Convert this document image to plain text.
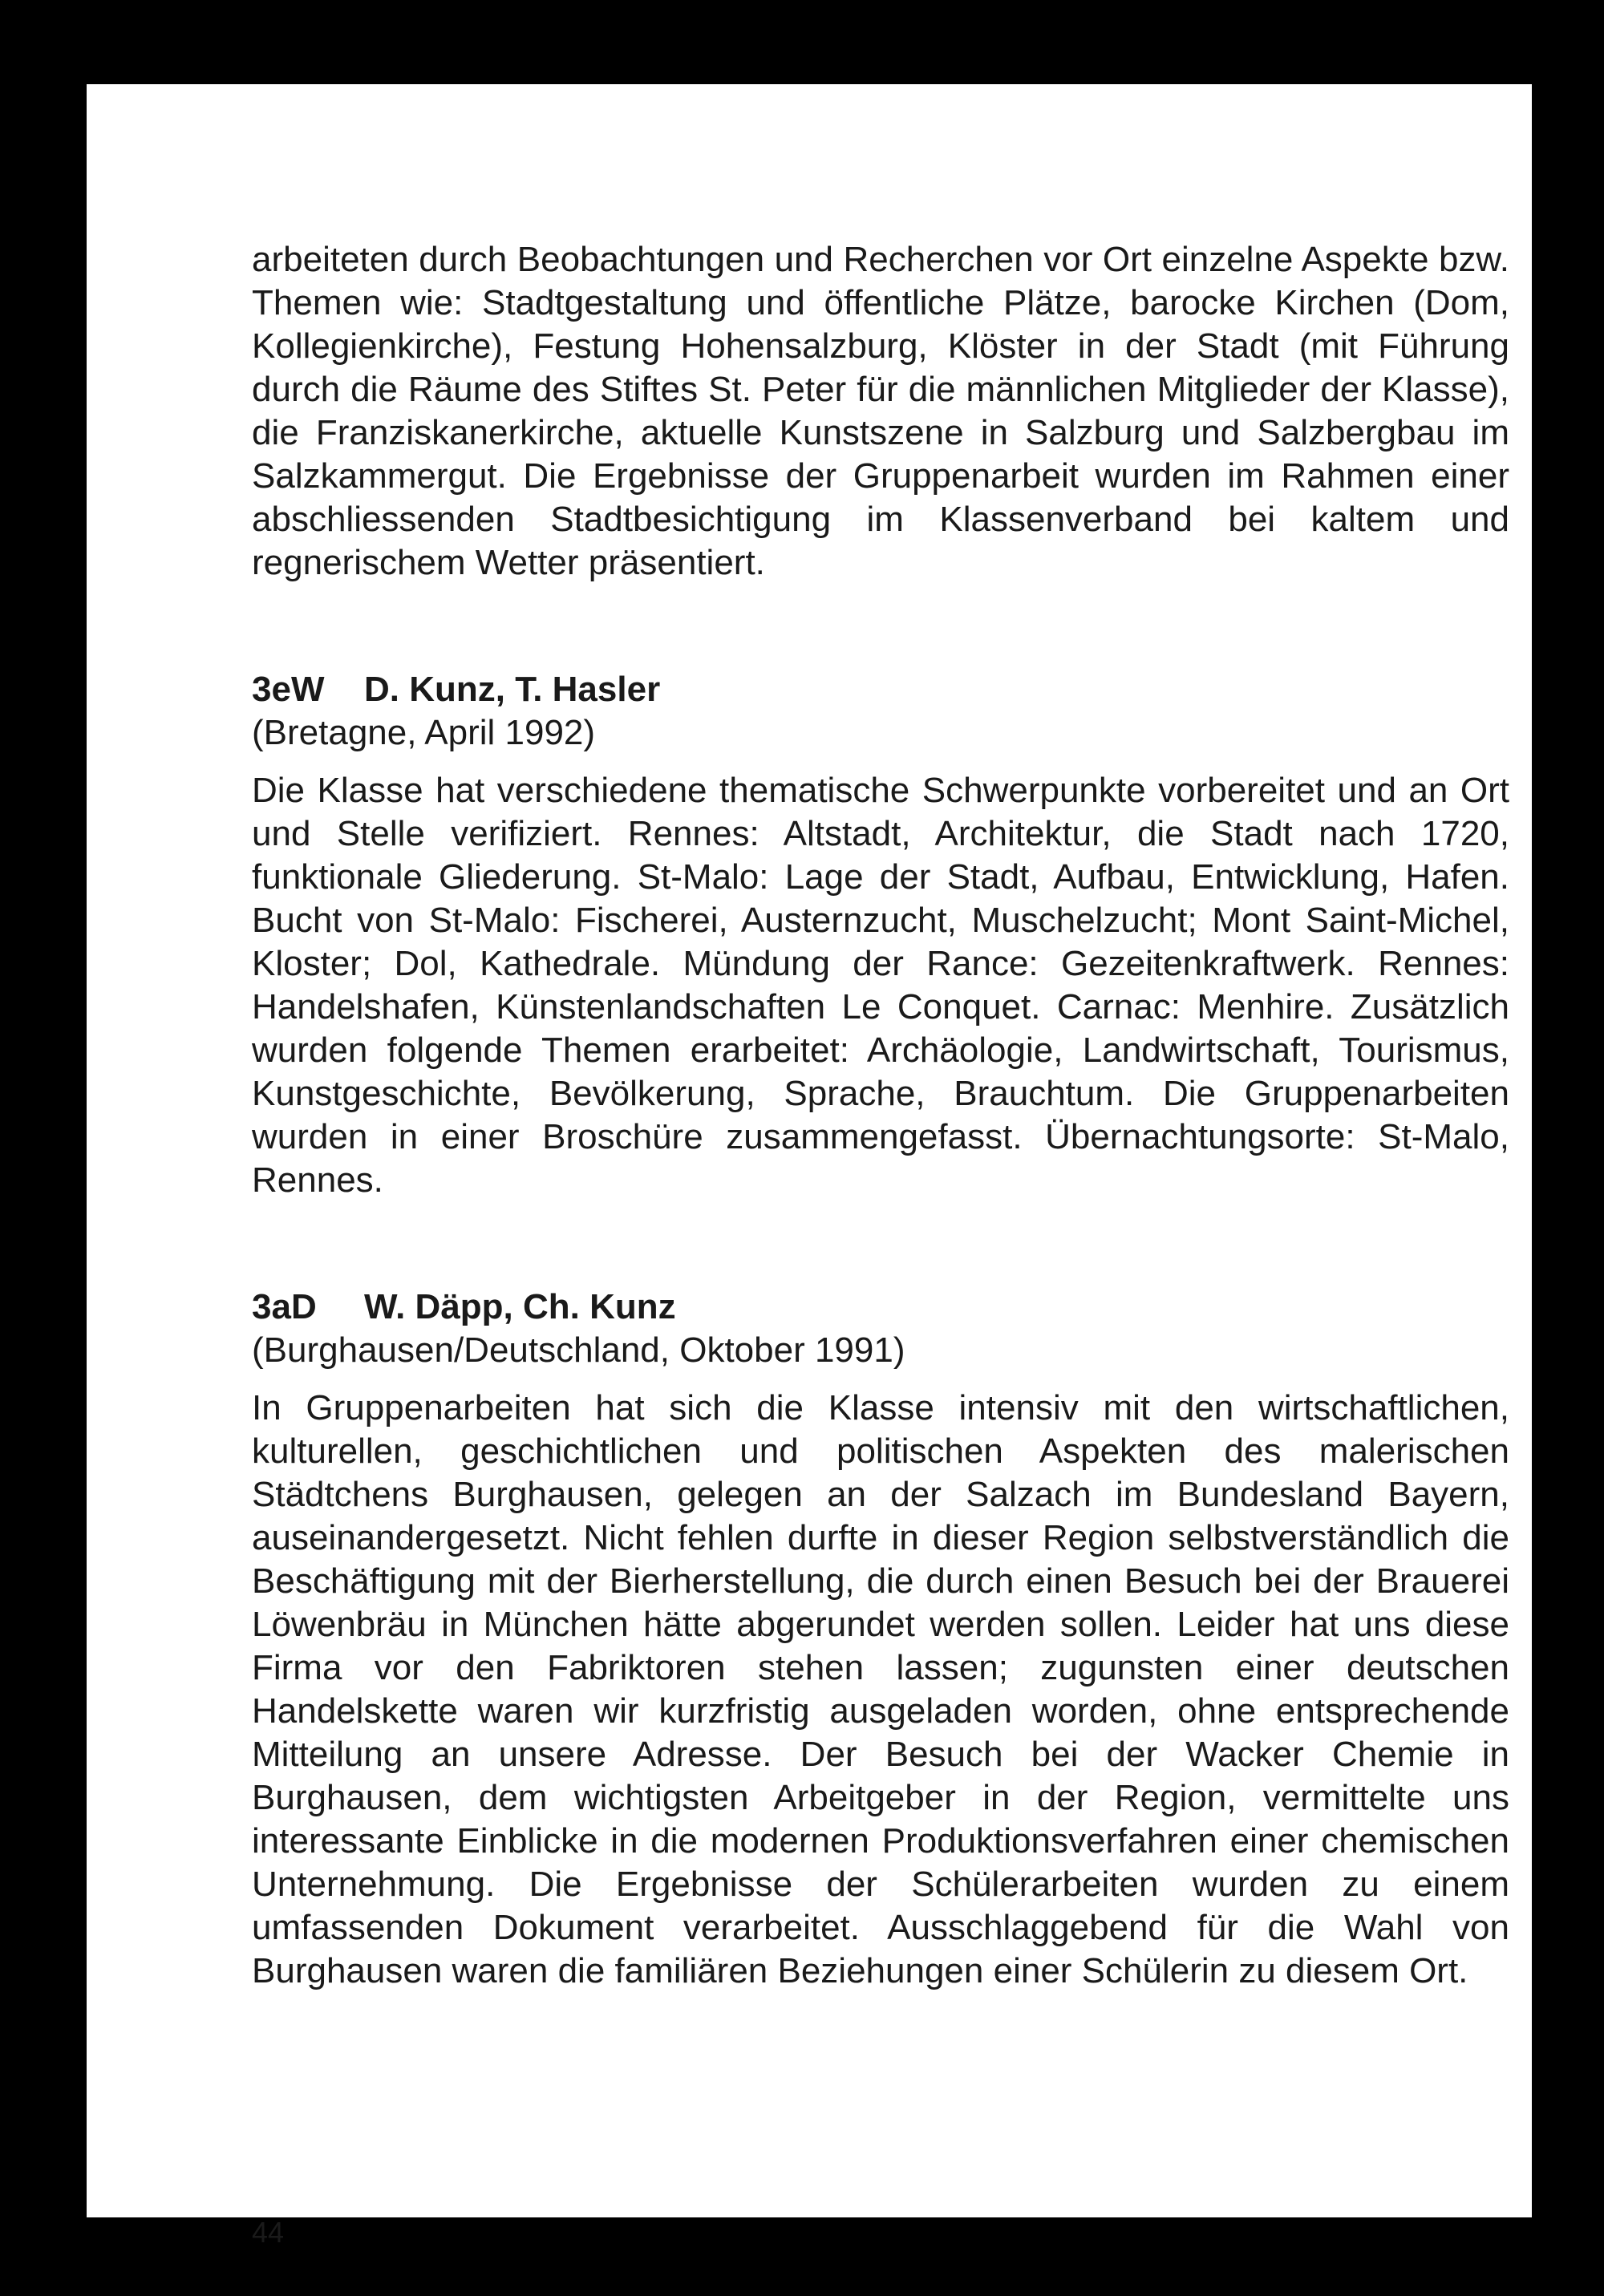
arbeiteten durch Beobachtungen und Recherchen vor Ort einzelne Aspekte bzw. Themen wie: Stadtgestaltung und öffentliche Plätze, barocke Kirchen (Dom, Kollegienkirche), Festung Hohensalzburg, Klöster in der Stadt (mit Führung durch die Räume des Stiftes St. Peter für die männlichen Mitglieder der Klasse), die Franziskanerkirche, aktuelle Kunstszene in Salzburg und Salzbergbau im Salzkammergut. Die Ergebnisse der Gruppenarbeit wurden im Rahmen einer abschliessenden Stadtbesichtigung im Klassenverband bei kaltem und regnerischem Wetter präsentiert.

3eW D. Kunz, T. Hasler

(Bretagne, April 1992)

Die Klasse hat verschiedene thematische Schwerpunkte vorbereitet und an Ort und Stelle verifiziert. Rennes: Altstadt, Architektur, die Stadt nach 1720, funktionale Gliederung. St-Malo: Lage der Stadt, Aufbau, Entwicklung, Hafen. Bucht von St-Malo: Fischerei, Austernzucht, Muschelzucht; Mont Saint-Michel, Kloster; Dol, Kathedrale. Mündung der Rance: Gezeitenkraftwerk. Rennes: Handelshafen, Künstenlandschaften Le Conquet. Carnac: Menhire. Zusätzlich wurden folgende Themen erarbeitet: Archäologie, Landwirtschaft, Tourismus, Kunstgeschichte, Bevölkerung, Sprache, Brauchtum. Die Gruppenarbeiten wurden in einer Broschüre zusammengefasst. Übernachtungsorte: St-Malo, Rennes.

3aD W. Däpp, Ch. Kunz

(Burghausen/Deutschland, Oktober 1991)

In Gruppenarbeiten hat sich die Klasse intensiv mit den wirtschaftlichen, kulturellen, geschichtlichen und politischen Aspekten des malerischen Städtchens Burghausen, gelegen an der Salzach im Bundesland Bayern, auseinandergesetzt. Nicht fehlen durfte in dieser Region selbstverständlich die Beschäftigung mit der Bierherstellung, die durch einen Besuch bei der Brauerei Löwenbräu in München hätte abgerundet werden sollen. Leider hat uns diese Firma vor den Fabriktoren stehen lassen; zugunsten einer deutschen Handelskette waren wir kurzfristig ausgeladen worden, ohne entsprechende Mitteilung an unsere Adresse. Der Besuch bei der Wacker Chemie in Burghausen, dem wichtigsten Arbeitgeber in der Region, vermittelte uns interessante Einblicke in die modernen Produktionsverfahren einer chemischen Unternehmung. Die Ergebnisse der Schülerarbeiten wurden zu einem umfassenden Dokument verarbeitet. Ausschlaggebend für die Wahl von Burghausen waren die familiären Beziehungen einer Schülerin zu diesem Ort.

44
